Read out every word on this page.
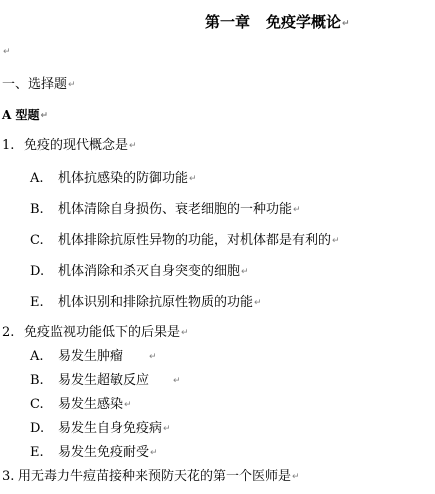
第一章 免疫学概论↵
↵
一、选择题↵
A 型题↵
1. 免疫的现代概念是↵
A. 机体抗感染的防御功能↵
B. 机体清除自身损伤、衰老细胞的一种功能↵
C. 机体排除抗原性异物的功能，对机体都是有利的↵
D. 机体消除和杀灭自身突变的细胞↵
E. 机体识别和排除抗原性物质的功能↵
2. 免疫监视功能低下的后果是↵
A. 易发生肿瘤	↵
B. 易发生超敏反应	↵
C. 易发生感染↵
D. 易发生自身免疫病↵
E. 易发生免疫耐受↵
3. 用无毒力牛痘苗接种来预防天花的第一个医师是↵
